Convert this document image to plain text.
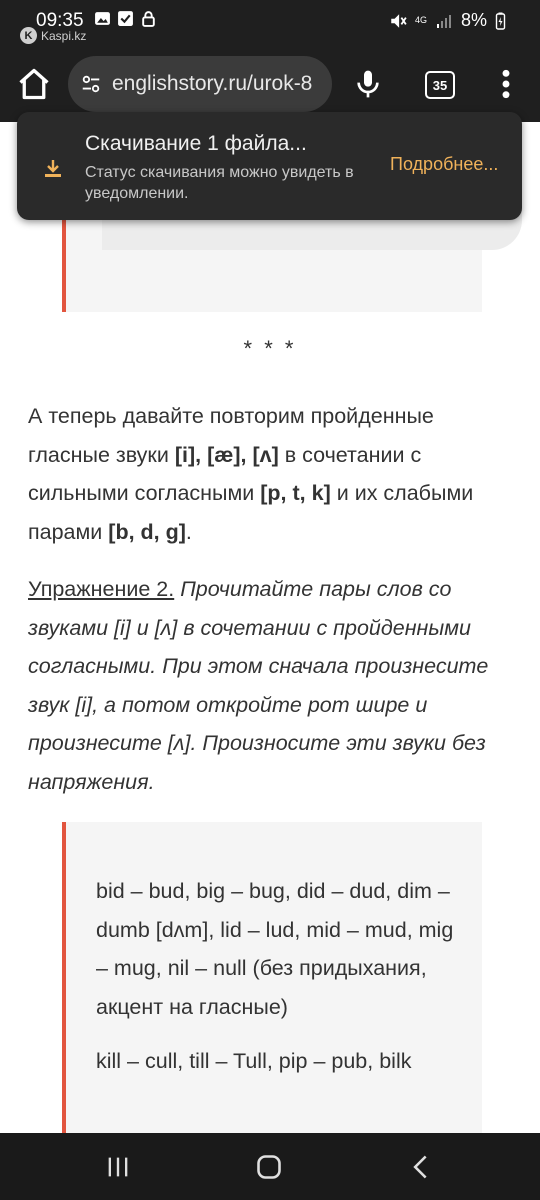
09:35
K Kaspi.kz
4G 8%
englishstory.ru/urok-8	35
* * *
А теперь давайте повторим пройденные гласные звуки [i], [æ], [ʌ] в сочетании с сильными согласными [p, t, k] и их слабыми парами [b, d, g].
Упражнение 2. Прочитайте пары слов со звуками [i] и [ʌ] в сочетании с пройденными согласными. При этом сначала произнесите звук [i], а потом откройте рот шире и произнесите [ʌ]. Произносите эти звуки без напряжения.

bid – bud, big – bug, did – dud, dim – dumb [dʌm], lid – lud, mid – mud, mig – mug, nil – null (без придыхания, акцент на гласные)

kill – cull, till – Tull, pip – pub, bilk

Скачивание 1 файла...
Статус скачивания можно увидеть в уведомлении.
Подробнее...
